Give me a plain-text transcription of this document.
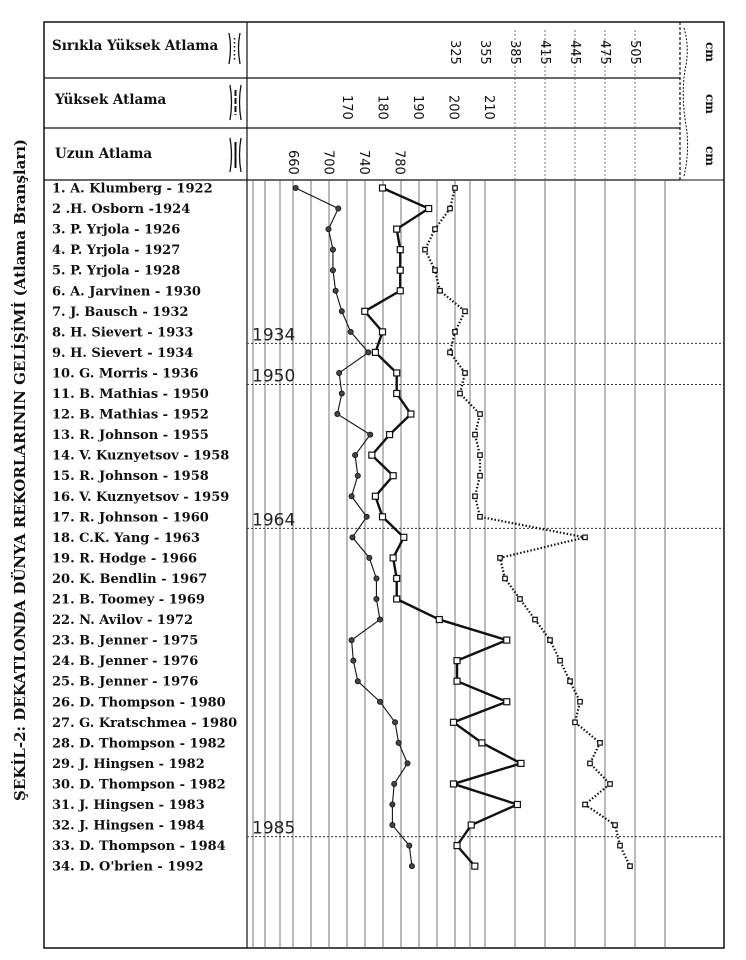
ŞEKİL-2: DEKATLONDA DÜNYA REKORLARININ GELİŞİMİ (Atlama Branşları)
Sırıkla Yüksek Atlama
Yüksek Atlama
Uzun Atlama
cm
cm
cm
325 355 385 415 445 475 505
170 180 190 200 210
660 700 740 780
1934
1950
1964
1985
1. A. Klumberg - 1922
2 .H. Osborn -1924
3. P. Yrjola - 1926
4. P. Yrjola - 1927
5. P. Yrjola - 1928
6. A. Jarvinen - 1930
7. J. Bausch - 1932
8. H. Sievert - 1933
9. H. Sievert - 1934
10. G. Morris - 1936
11. B. Mathias - 1950
12. B. Mathias - 1952
13. R. Johnson - 1955
14. V. Kuznyetsov - 1958
15. R. Johnson - 1958
16. V. Kuznyetsov - 1959
17. R. Johnson - 1960
18. C.K. Yang - 1963
19. R. Hodge - 1966
20. K. Bendlin - 1967
21. B. Toomey - 1969
22. N. Avilov - 1972
23. B. Jenner - 1975
24. B. Jenner - 1976
25. B. Jenner - 1976
26. D. Thompson - 1980
27. G. Kratschmea - 1980
28. D. Thompson - 1982
29. J. Hingsen - 1982
30. D. Thompson - 1982
31. J. Hingsen - 1983
32. J. Hingsen - 1984
33. D. Thompson - 1984
34. D. O'brien - 1992
